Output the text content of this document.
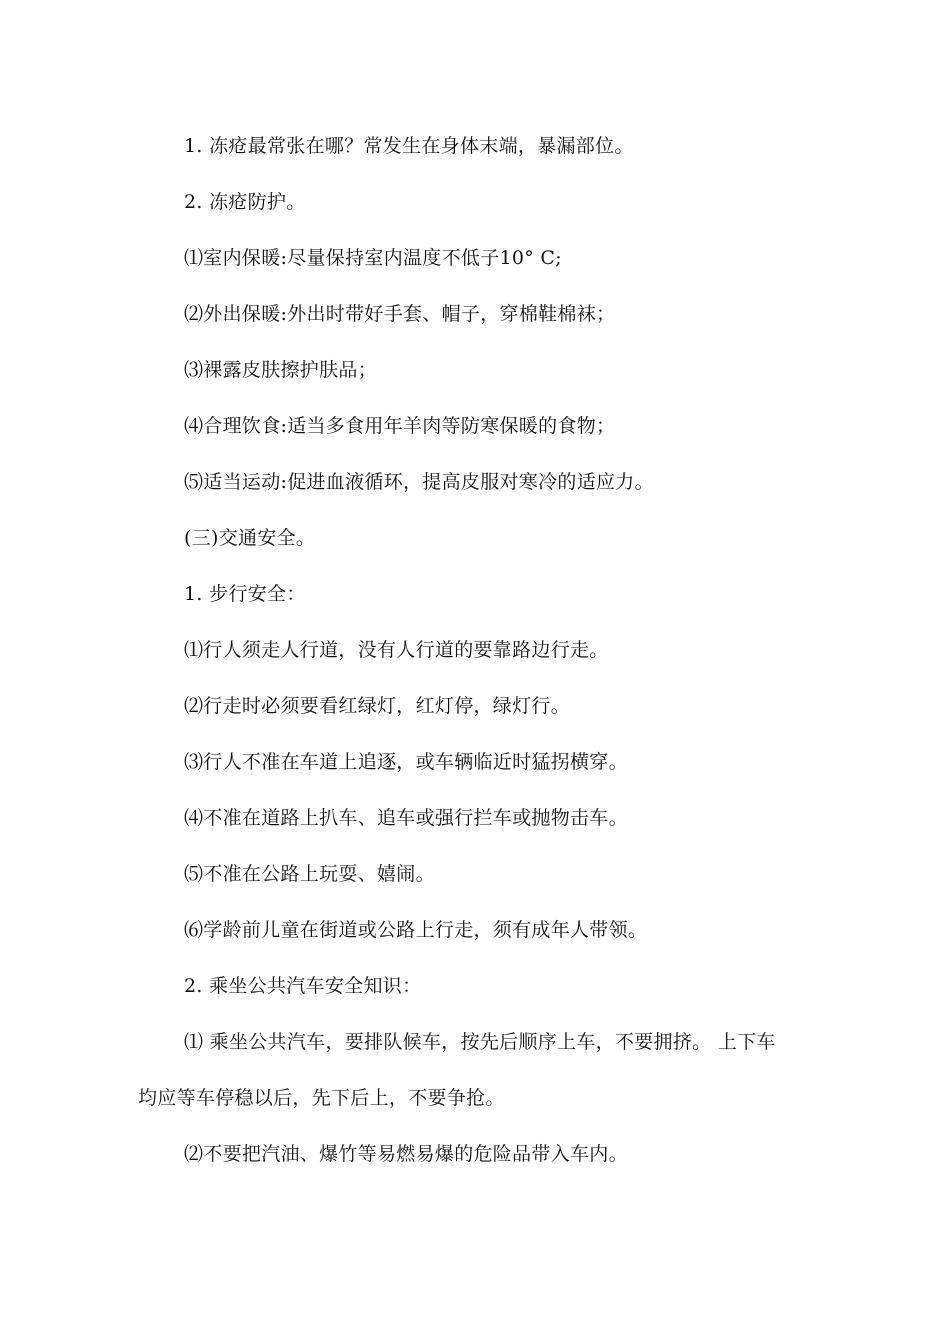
1. 冻疮最常张在哪？常发生在身体末端，暴漏部位。
2. 冻疮防护。
⑴室内保暖:尽量保持室内温度不低子10° C;
⑵外出保暖:外出时带好手套、帽子，穿棉鞋棉袜；
⑶裸露皮肤擦护肤品；
⑷合理饮食:适当多食用年羊肉等防寒保暖的食物；
⑸适当运动:促进血液循环，提高皮服对寒冷的适应力。
(三)交通安全。
1. 步行安全：
⑴行人须走人行道，没有人行道的要靠路边行走。
⑵行走时必须要看红绿灯，红灯停，绿灯行。
⑶行人不准在车道上追逐，或车辆临近时猛拐横穿。
⑷不准在道路上扒车、追车或强行拦车或抛物击车。
⑸不准在公路上玩耍、嬉闹。
⑹学龄前儿童在街道或公路上行走，须有成年人带领。
2. 乘坐公共汽车安全知识：
⑴ 乘坐公共汽车，要排队候车，按先后顺序上车，不要拥挤。 上下车
均应等车停稳以后，先下后上，不要争抢。
⑵不要把汽油、爆竹等易燃易爆的危险品带入车内。
